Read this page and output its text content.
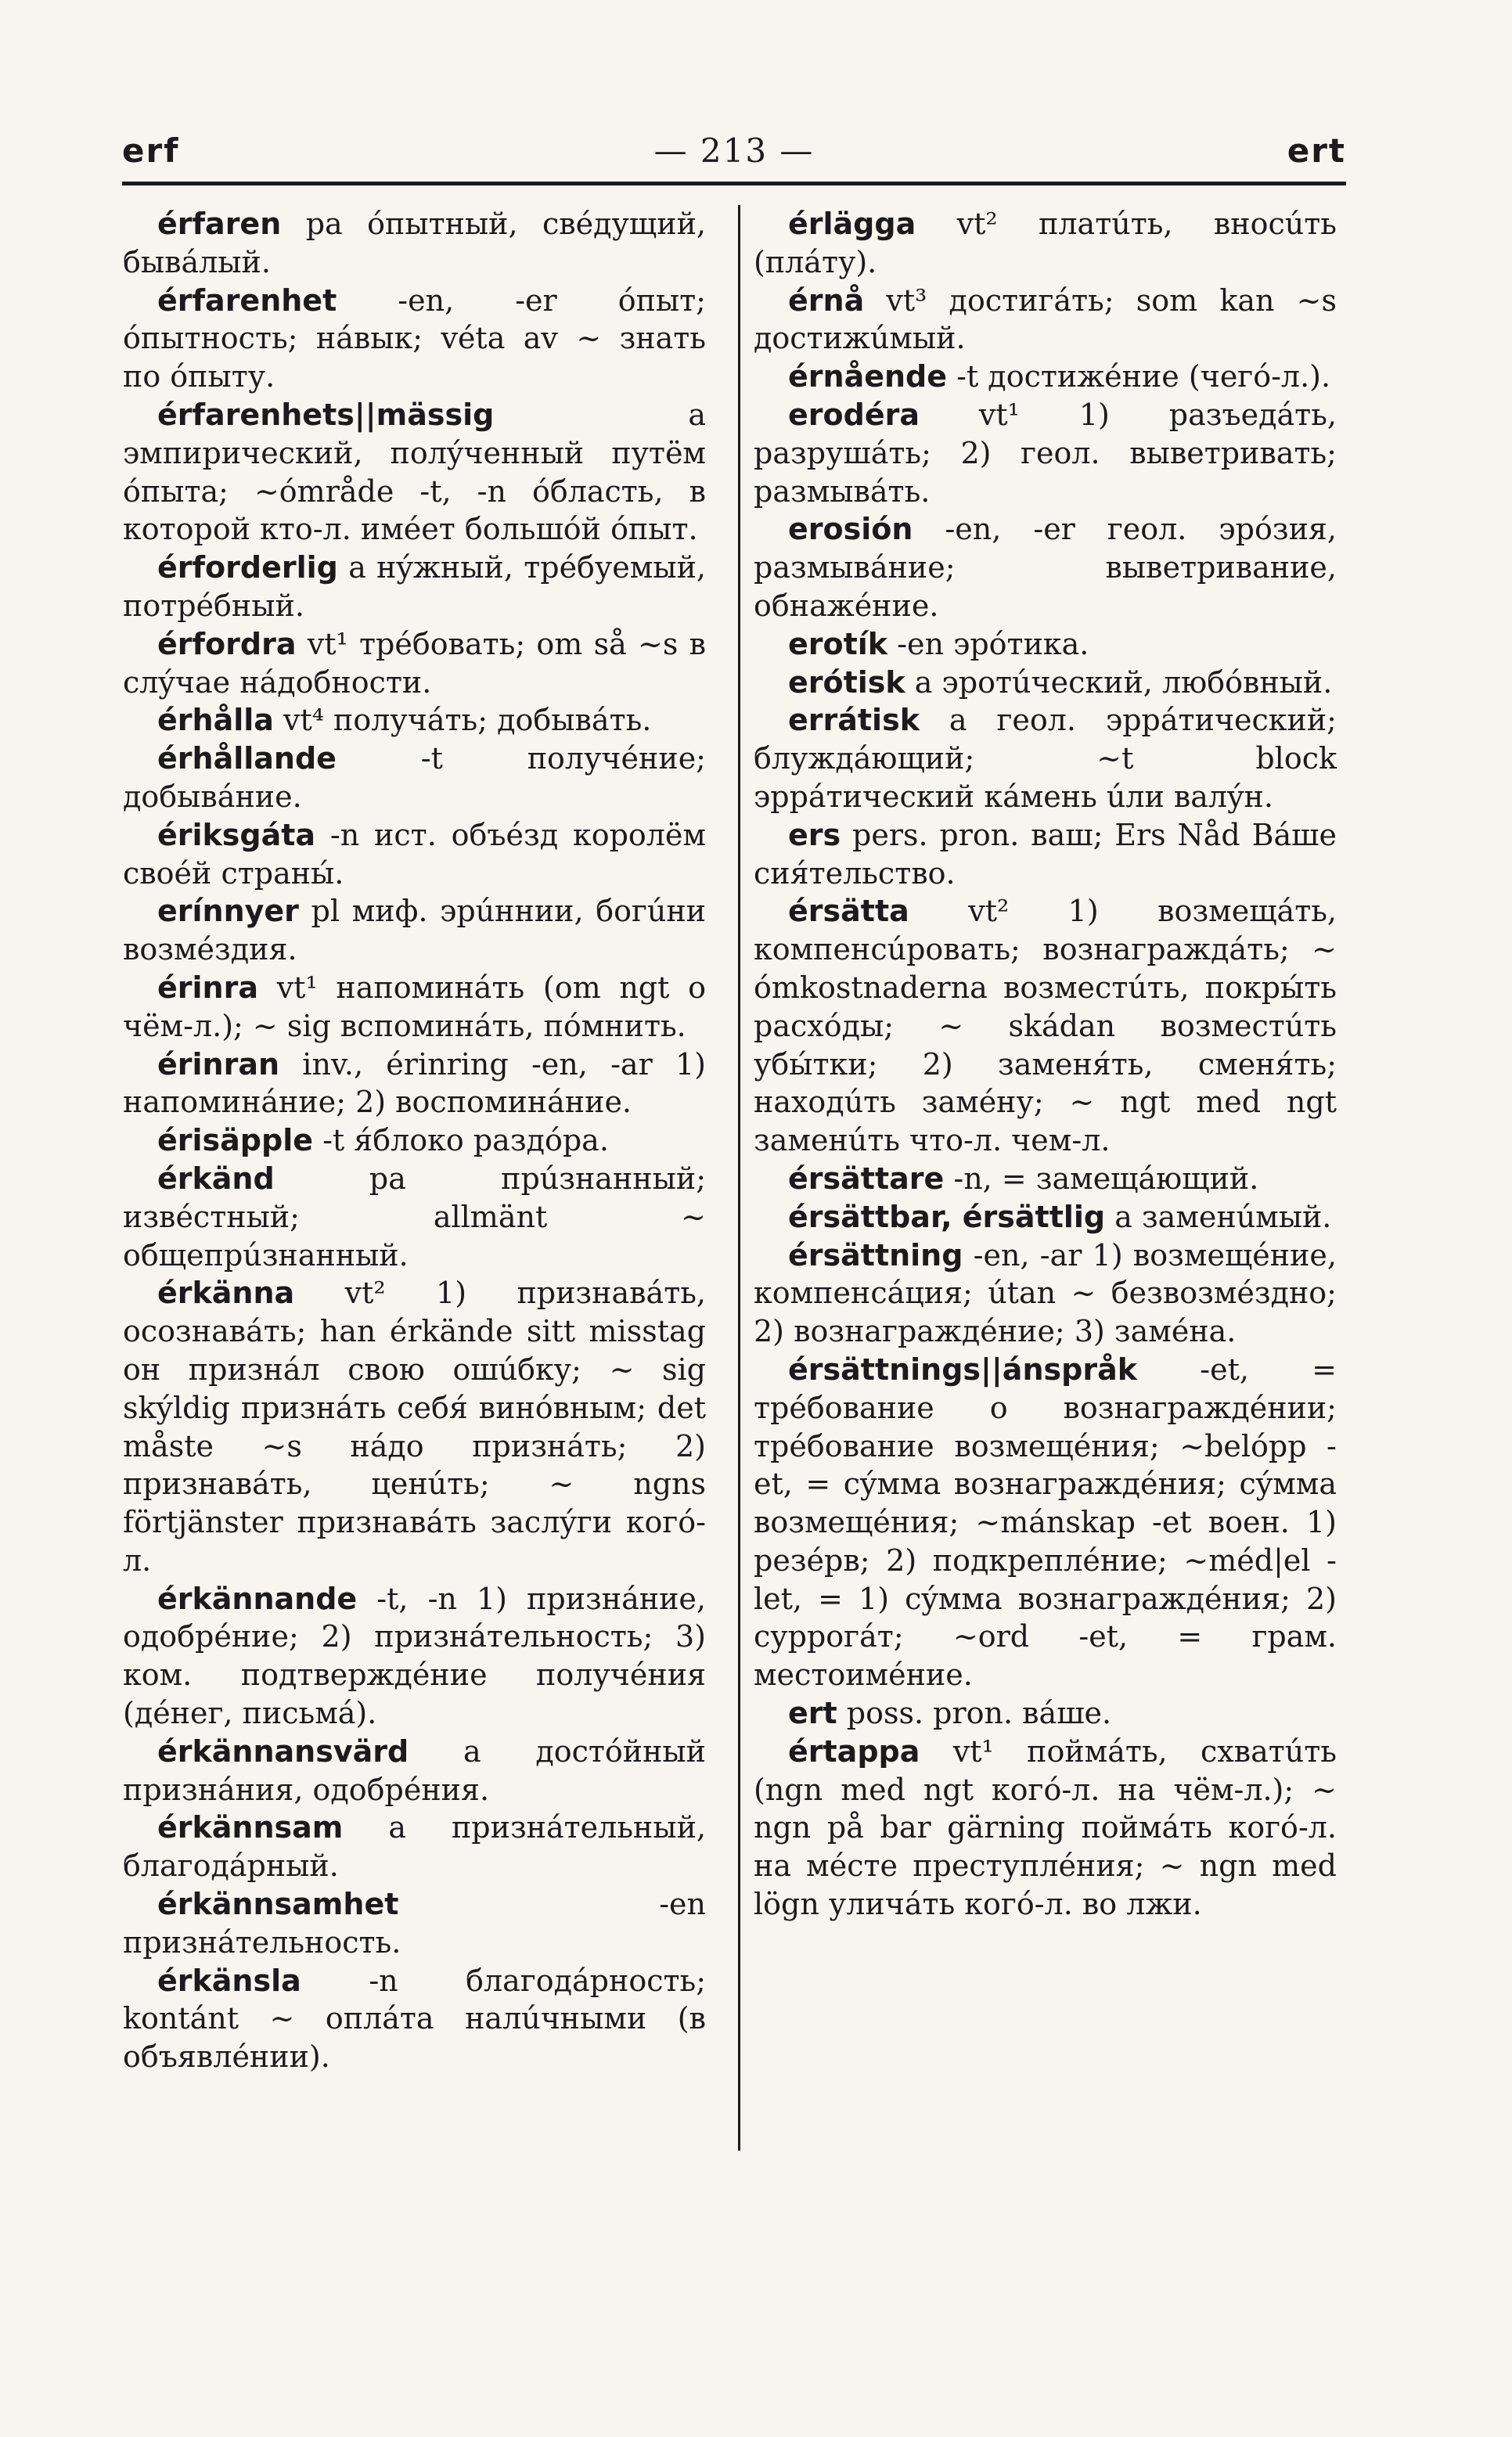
erf	— 213 —	ert

érfaren pa óпытный, свéдущий, бывáлый.

érfarenhet -en, -er óпыт; óпытность; нáвык; véta av ~ знать по óпыту.

érfarenhets||mässig	a эмпирический, полýченный путём óпыта; ~ómråde -t, -n óбласть, в которой кто-л. имéет большóй óпыт.

érforderlig a нýжный, трéбуемый, потрéбный.

érfordra vt¹ трéбовать; om så ~s в слýчае нáдобности.

érhålla vt⁴ получáть; добывáть.

érhållande	-t получéние; добывáние.

ériksgáta -n ист. объéзд королём своéй страны́.

erínnyer pl миф. эрúннии, богúни возмéздия.

érinra vt¹ напоминáть (om ngt о чём-л.); ~ sig вспоминáть, пóмнить.

érinran inv., érinring -en, -ar 1) напоминáние; 2) воспоминáние.

érisäpple -t я́блоко раздóра.

érkänd	pa прúзнанный; извéстный; allmänt ~ общепрúзнанный.

érkänna vt² 1) признавáть, осознавáть; han érkände sitt misstag он признáл свою ошúбку; ~ sig skýldig признáть себя́ винóвным; det måste ~s нáдо признáть; 2) признавáть, ценúть; ~ ngns förtjänster признавáть заслýги когó-л.

érkännande -t, -n 1) признáние, одобрéние; 2) признáтельность; 3) ком. подтверждéние получéния (дéнег, письмá).

érkännansvärd a достóйный признáния, одобрéния.

érkännsam a признáтельный, благодáрный.

érkännsamhet	-en признáтельность.

érkänsla -n благодáрность; kontánt ~ оплáта налúчными (в объявлéнии).

érlägga vt² платúть, вносúть (плáту).

érnå vt³ достигáть; som kan ~s достижúмый.

érnående -t достижéние (чегó-л.).

erodéra vt¹ 1) разъедáть, разрушáть; 2) геол. выветривать; размывáть.

erosión -en, -er геол. эрóзия, размывáние; выветривание, обнажéние.

erotík -en эрóтика.

erótisk a эротúческий, любóвный.

errátisk a геол. эррáтический; блуждáющий; ~t block эррáтический кáмень úли валýн.

ers pers. pron. ваш; Ers Nåd Вáше сия́тельство.

érsätta vt² 1) возмещáть, компенсúровать; вознаграждáть; ~ ómkostnaderna возместúть, покры́ть расхóды; ~ skádan возместúть убы́тки; 2) заменя́ть, сменя́ть; находúть замéну; ~ ngt med ngt заменúть что-л. чем-л.

érsättare -n, = замещáющий.

érsättbar, érsättlig a заменúмый.

érsättning -en, -ar 1) возмещéние, компенсáция; útan ~ безвозмéздно; 2) вознаграждéние; 3) замéна.

érsättnings||ánspråk -et, = трéбование о вознаграждéнии; трéбование возмещéния; ~belópp -et, = сýмма вознаграждéния; сýмма возмещéния; ~mánskap -et воен. 1) резéрв; 2) подкреплéние; ~méd|el -let, = 1) сýмма вознаграждéния; 2) суррогáт; ~ord -et, = грам. местоимéние.

ert poss. pron. вáше.

értappa vt¹ поймáть, схватúть (ngn med ngt когó-л. на чём-л.); ~ ngn på bar gärning поймáть когó-л. на мéсте преступлéния; ~ ngn med lögn уличáть когó-л. во лжи.
